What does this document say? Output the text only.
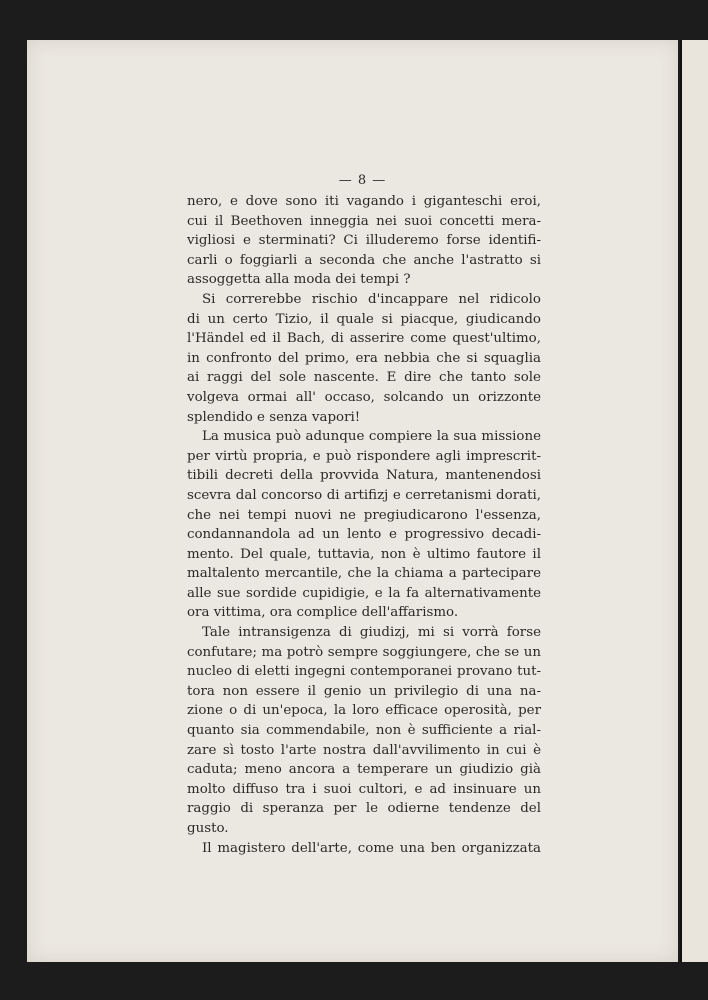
— 8 —
nero, e dove sono iti vagando i giganteschi eroi,
cui il Beethoven inneggia nei suoi concetti mera-
vigliosi e sterminati? Ci illuderemo forse identifi-
carli o foggiarli a seconda che anche l'astratto si
assoggetta alla moda dei tempi ?
Si correrebbe rischio d'incappare nel ridicolo
di un certo Tizio, il quale si piacque, giudicando
l'Händel ed il Bach, di asserire come quest'ultimo,
in confronto del primo, era nebbia che si squaglia
ai raggi del sole nascente. E dire che tanto sole
volgeva ormai all' occaso, solcando un orizzonte
splendido e senza vapori!
La musica può adunque compiere la sua missione
per virtù propria, e può rispondere agli imprescrit-
tibili decreti della provvida Natura, mantenendosi
scevra dal concorso di artifizj e cerretanismi dorati,
che nei tempi nuovi ne pregiudicarono l'essenza,
condannandola ad un lento e progressivo decadi-
mento. Del quale, tuttavia, non è ultimo fautore il
maltalento mercantile, che la chiama a partecipare
alle sue sordide cupidigie, e la fa alternativamente
ora vittima, ora complice dell'affarismo.
Tale intransigenza di giudizj, mi si vorrà forse
confutare; ma potrò sempre soggiungere, che se un
nucleo di eletti ingegni contemporanei provano tut-
tora non essere il genio un privilegio di una na-
zione o di un'epoca, la loro efficace operosità, per
quanto sia commendabile, non è sufficiente a rial-
zare sì tosto l'arte nostra dall'avvilimento in cui è
caduta; meno ancora a temperare un giudizio già
molto diffuso tra i suoi cultori, e ad insinuare un
raggio di speranza per le odierne tendenze del
gusto.
Il magistero dell'arte, come una ben organizzata
